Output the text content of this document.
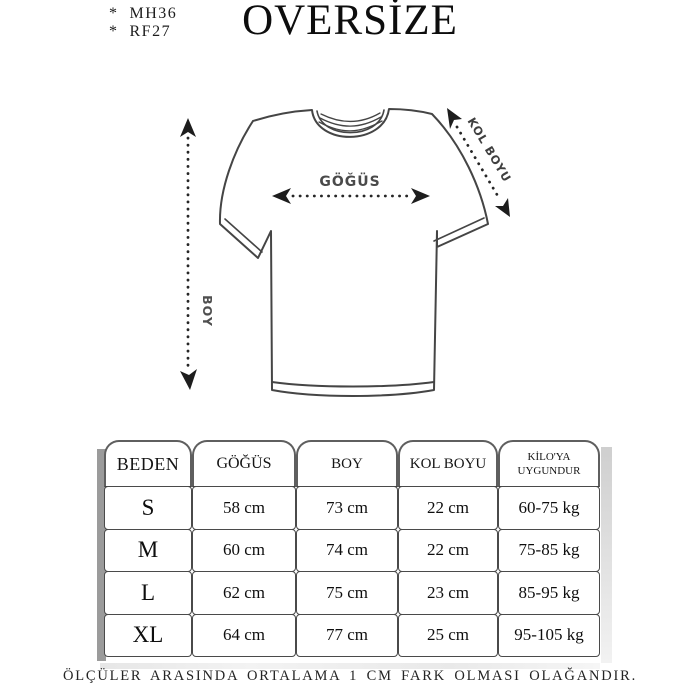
*  MH36
*  RF27	OVERSİZE
GÖĞÜS
BOY
KOL BOYU
BEDEN
S
M
L
XL
GÖĞÜS
58 cm
60 cm
62 cm
64 cm
BOY
73 cm
74 cm
75 cm
77 cm
KOL BOYU
22 cm
22 cm
23 cm
25 cm
KİLO'YA UYGUNDUR
60-75 kg
75-85 kg
85-95 kg
95-105 kg
ÖLÇÜLER ARASINDA ORTALAMA 1 CM FARK OLMASI OLAĞANDIR.
